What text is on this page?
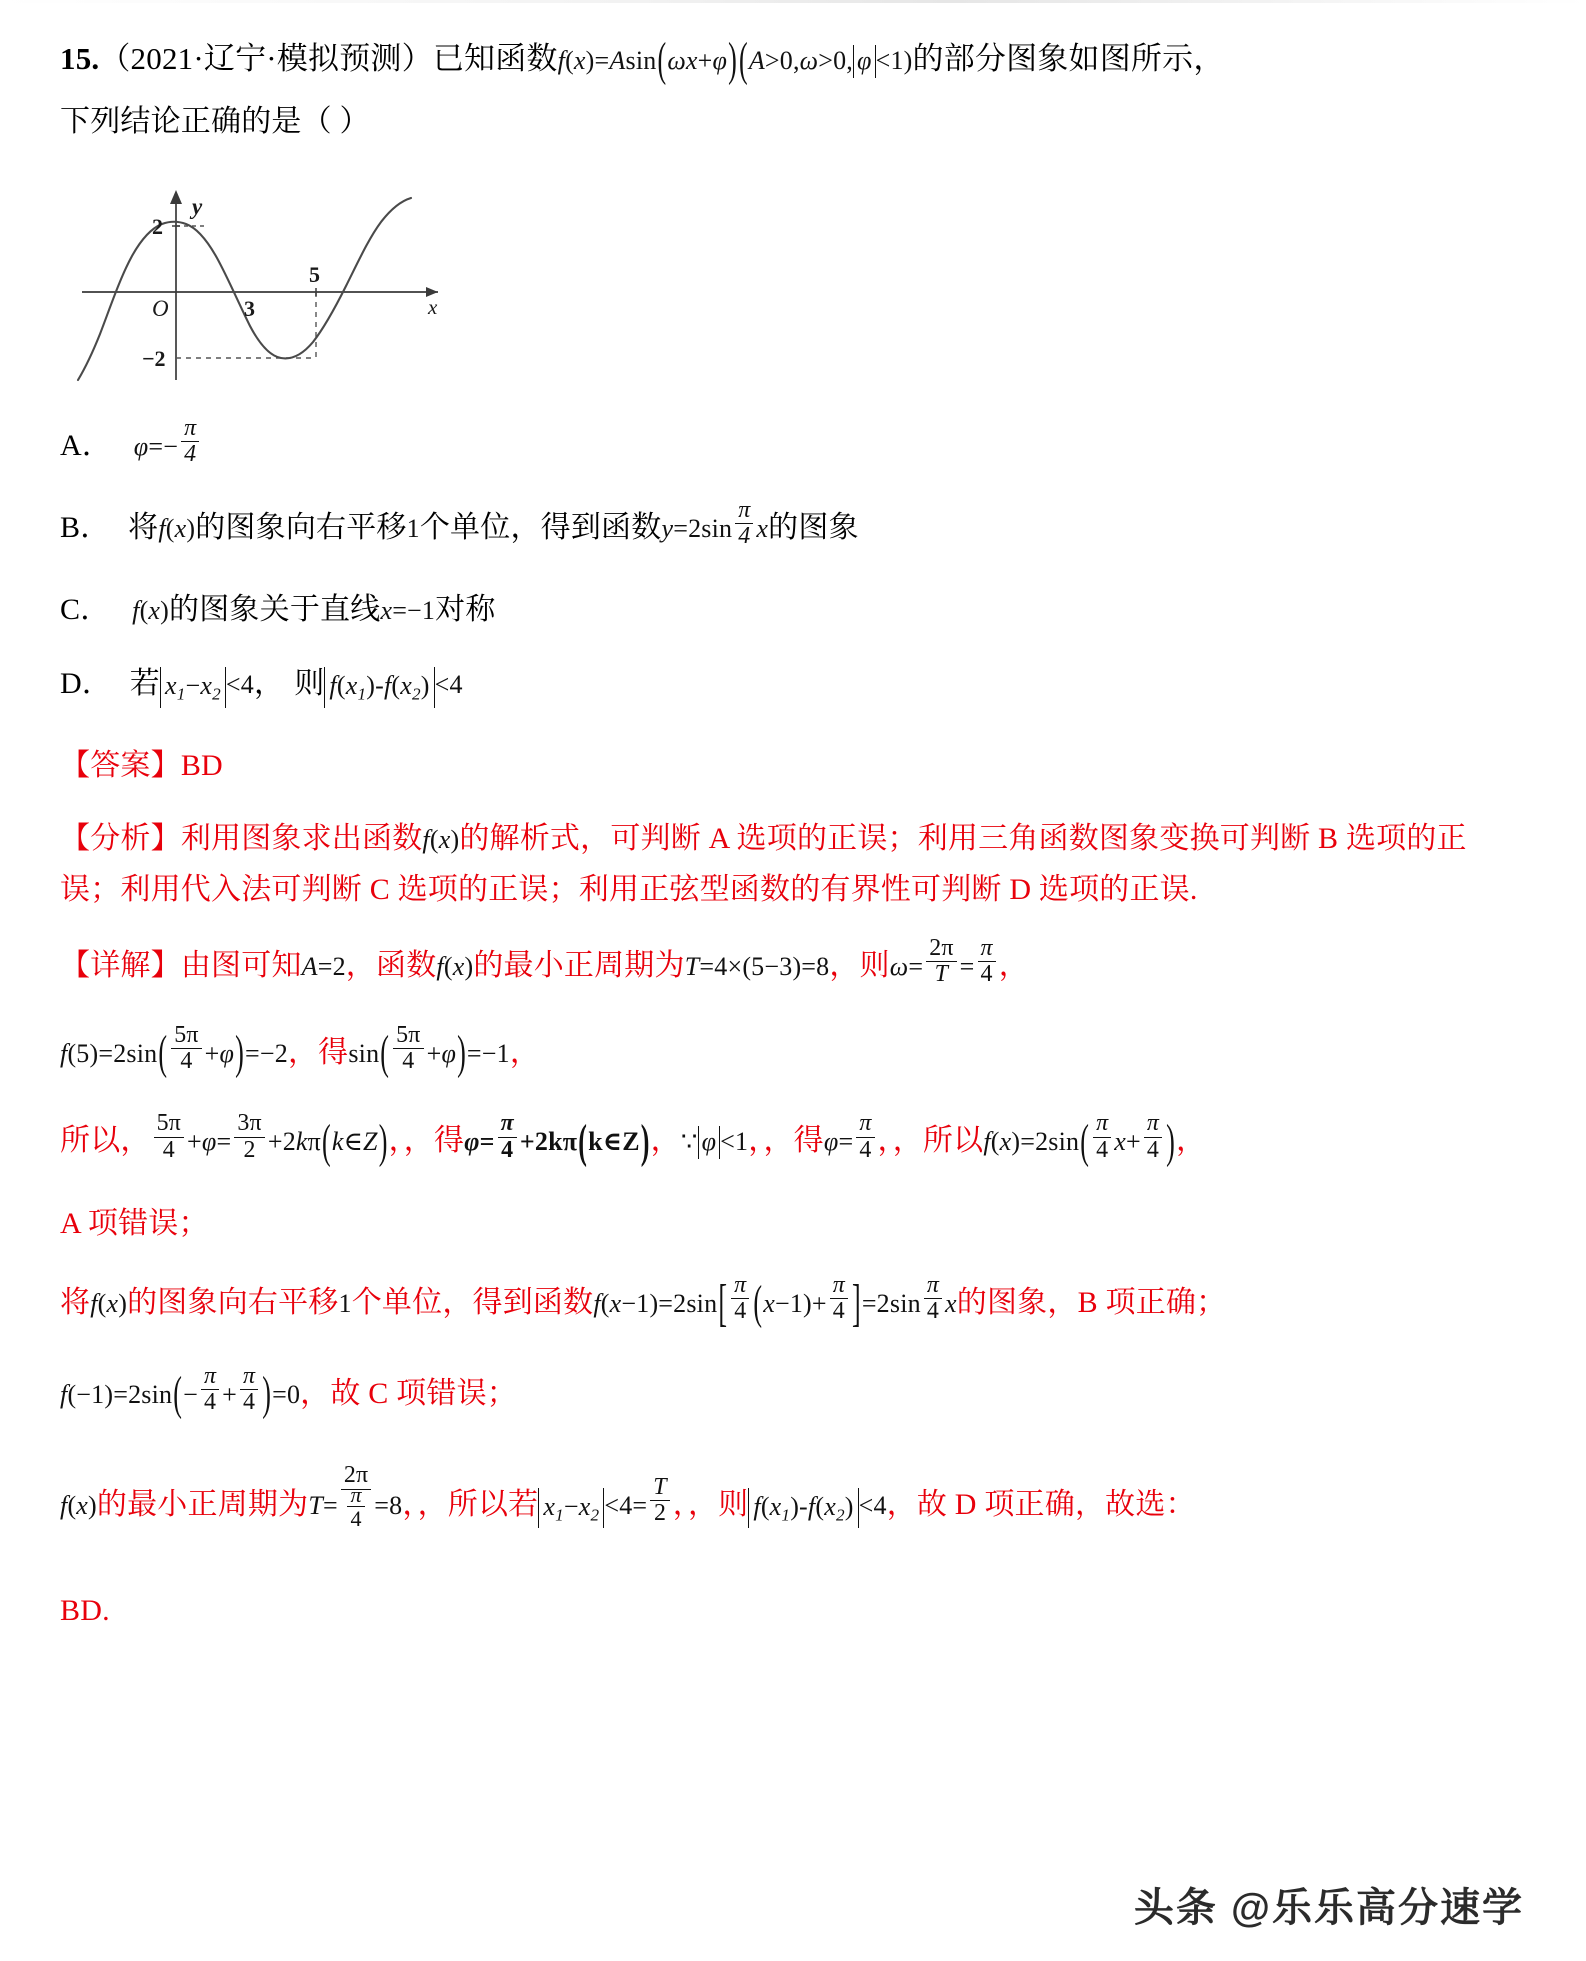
15.（2021·辽宁·模拟预测）已知函数f(x)=Asin(ωx+φ)(A>0,ω>0, φ <1)的部分图象如图所示，
下列结论正确的是（ ）
2
y
O	3
5
−2
x
A． $\varphi=- \frac{\pi}{4}$
B． 将f(x)的图象向右平移1个单位，得到函数$y=2\sin \frac{\pi}{4}$ x的图象
C． f(x)的图象关于直线x=−1对称
D． 若 $x_1-x_2 <4$， 则 $f(x_1)-f(x_2) <4$
【答案】BD
【分析】利用图象求出函数f(x)的解析式，可判断 A 选项的正误；利用三角函数图象变换可判断 B 选项的正误；利用代入法可判断 C 选项的正误；利用正弦型函数的有界性可判断 D 选项的正误.
【详解】由图可知A=2，函数f(x)的最小正周期为T=4×(5−3)=8，则$\omega= \frac{2\pi}{T} = \frac{\pi}{4}$ ，
$f(5)=2\sin( \frac{5\pi}{4} +\varphi)=-2$，得$\sin( \frac{5\pi}{4} +\varphi)=-1$，
所以， $\frac{5\pi}{4} +\varphi= \frac{3\pi}{2}$ +2kπ(k∈Z)，，得$\varphi= \frac{\pi}{4}$ +2kπ(k∈Z)，∵ φ <1，，得$\varphi= \frac{\pi}{4}$ ，，所以$f(x)=2\sin( \frac{\pi}{4} x+ \frac{\pi}{4}$ )，
A 项错误；
将f(x)的图象向右平移1个单位，得到函数$f(x-1)=2\sin[ \frac{\pi}{4} (x-1)+ \frac{\pi}{4} ]=2\sin \frac{\pi}{4}$ x的图象，B 项正确；
$f(-1)=2\sin(- \frac{\pi}{4} + \frac{\pi}{4} )=0$，故 C 项错误；
f(x)的最小正周期为$T= \frac{2\pi}{\frac{\pi}{4}} =8$，，所以若 $x_1-x_2 <4= \frac{T}{2}$ ，，则 $f(x_1)-f(x_2) <4$，故 D 项正确，故选：
BD.
头条 @乐乐高分速学
